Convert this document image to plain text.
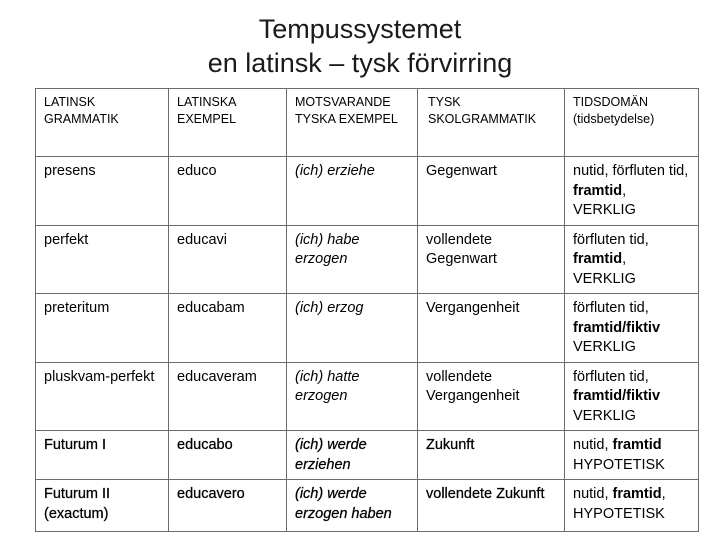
Tempussystemet
en latinsk – tysk förvirring
LATINSK GRAMMATIK	LATINSKA EXEMPEL	MOTSVARANDE TYSKA EXEMPEL	TYSK SKOLGRAMMATIK	TIDSDOMÄN (tidsbetydelse)
presens	educo	(ich) erziehe	Gegenwart	nutid, förfluten tid, framtid,
VERKLIG
perfekt	educavi	(ich) habe erzogen	vollendete Gegenwart	förfluten tid,
framtid,
VERKLIG
preteritum	educabam	(ich) erzog	Vergangenheit	förfluten tid,
framtid/fiktiv
VERKLIG
pluskvam-perfekt	educaveram	(ich) hatte erzogen	vollendete Vergangenheit	förfluten tid,
framtid/fiktiv
VERKLIG
Futurum I	educabo	(ich) werde erziehen	Zukunft	nutid, framtid
HYPOTETISK
Futurum II (exactum)	educavero	(ich) werde erzogen haben	vollendete Zukunft	nutid, framtid,
HYPOTETISK
